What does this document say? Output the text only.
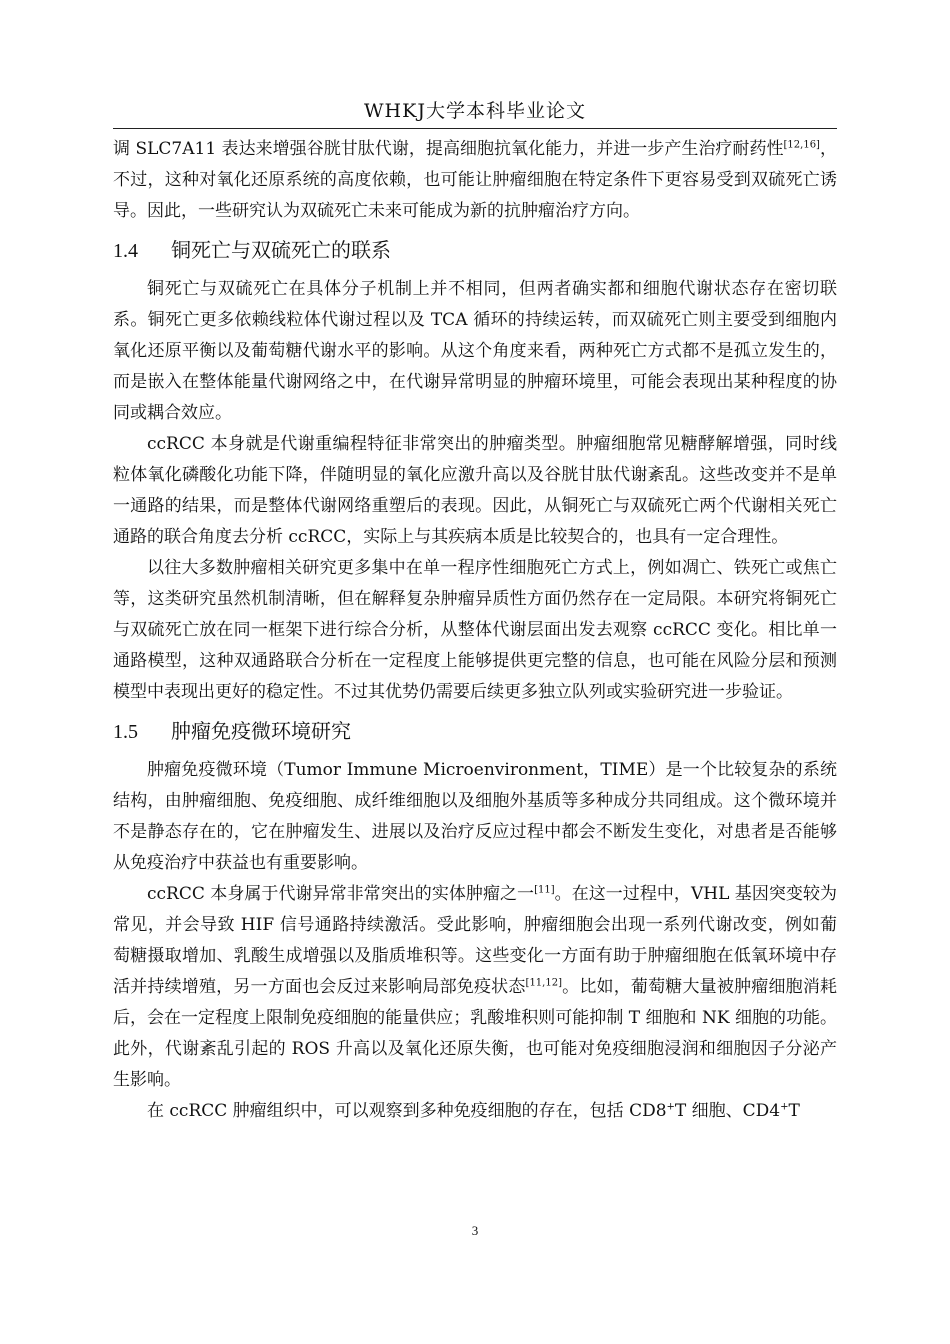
WHKJ大学本科毕业论文

调 SLC7A11 表达来增强谷胱甘肽代谢，提高细胞抗氧化能力，并进一步产生治疗耐药性[12,16]，不过，这种对氧化还原系统的高度依赖，也可能让肿瘤细胞在特定条件下更容易受到双硫死亡诱导。因此，一些研究认为双硫死亡未来可能成为新的抗肿瘤治疗方向。

1.4 铜死亡与双硫死亡的联系

铜死亡与双硫死亡在具体分子机制上并不相同，但两者确实都和细胞代谢状态存在密切联系。铜死亡更多依赖线粒体代谢过程以及 TCA 循环的持续运转，而双硫死亡则主要受到细胞内氧化还原平衡以及葡萄糖代谢水平的影响。从这个角度来看，两种死亡方式都不是孤立发生的，而是嵌入在整体能量代谢网络之中，在代谢异常明显的肿瘤环境里，可能会表现出某种程度的协同或耦合效应。

ccRCC 本身就是代谢重编程特征非常突出的肿瘤类型。肿瘤细胞常见糖酵解增强，同时线粒体氧化磷酸化功能下降，伴随明显的氧化应激升高以及谷胱甘肽代谢紊乱。这些改变并不是单一通路的结果，而是整体代谢网络重塑后的表现。因此，从铜死亡与双硫死亡两个代谢相关死亡通路的联合角度去分析 ccRCC，实际上与其疾病本质是比较契合的，也具有一定合理性。

以往大多数肿瘤相关研究更多集中在单一程序性细胞死亡方式上，例如凋亡、铁死亡或焦亡等，这类研究虽然机制清晰，但在解释复杂肿瘤异质性方面仍然存在一定局限。本研究将铜死亡与双硫死亡放在同一框架下进行综合分析，从整体代谢层面出发去观察 ccRCC 变化。相比单一通路模型，这种双通路联合分析在一定程度上能够提供更完整的信息，也可能在风险分层和预测模型中表现出更好的稳定性。不过其优势仍需要后续更多独立队列或实验研究进一步验证。

1.5 肿瘤免疫微环境研究

肿瘤免疫微环境（Tumor Immune Microenvironment，TIME）是一个比较复杂的系统结构，由肿瘤细胞、免疫细胞、成纤维细胞以及细胞外基质等多种成分共同组成。这个微环境并不是静态存在的，它在肿瘤发生、进展以及治疗反应过程中都会不断发生变化，对患者是否能够从免疫治疗中获益也有重要影响。

ccRCC 本身属于代谢异常非常突出的实体肿瘤之一[11]。在这一过程中，VHL 基因突变较为常见，并会导致 HIF 信号通路持续激活。受此影响，肿瘤细胞会出现一系列代谢改变，例如葡萄糖摄取增加、乳酸生成增强以及脂质堆积等。这些变化一方面有助于肿瘤细胞在低氧环境中存活并持续增殖，另一方面也会反过来影响局部免疫状态[11,12]。比如，葡萄糖大量被肿瘤细胞消耗后，会在一定程度上限制免疫细胞的能量供应；乳酸堆积则可能抑制 T 细胞和 NK 细胞的功能。此外，代谢紊乱引起的 ROS 升高以及氧化还原失衡，也可能对免疫细胞浸润和细胞因子分泌产生影响。

在 ccRCC 肿瘤组织中，可以观察到多种免疫细胞的存在，包括 CD8+T 细胞、CD4+T

3
